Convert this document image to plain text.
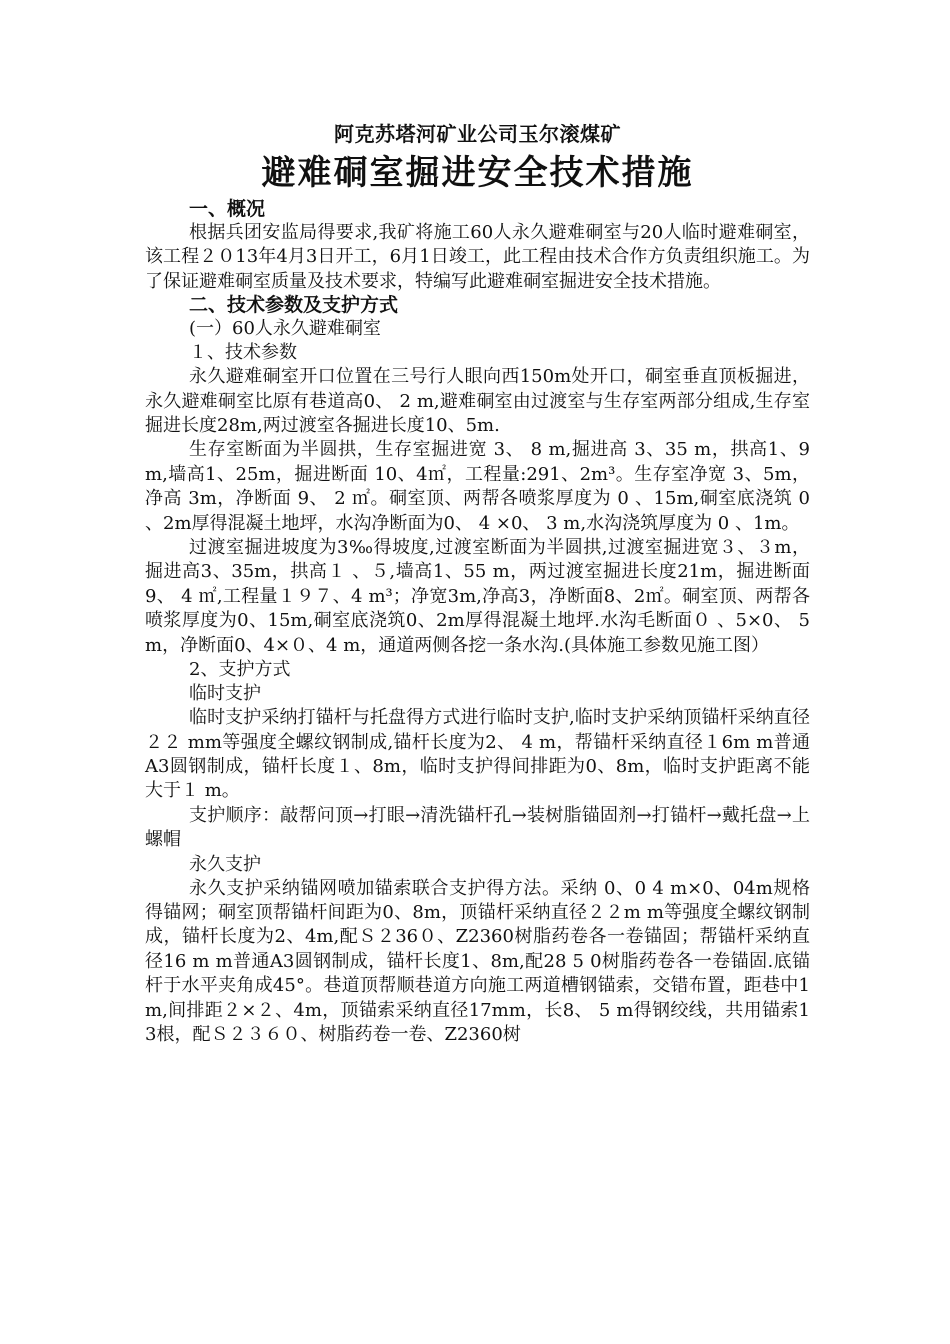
阿克苏塔河矿业公司玉尔滚煤矿

避难硐室掘进安全技术措施

一、概况

根据兵团安监局得要求,我矿将施工60人永久避难硐室与20人临时避难硐室，该工程２０13年4月3日开工，6月1日竣工，此工程由技术合作方负责组织施工。为了保证避难硐室质量及技术要求，特编写此避难硐室掘进安全技术措施。

二、技术参数及支护方式

(一）60人永久避难硐室

１、技术参数

永久避难硐室开口位置在三号行人眼向西150m处开口，硐室垂直顶板掘进，永久避难硐室比原有巷道高0、 2 m,避难硐室由过渡室与生存室两部分组成,生存室掘进长度28m,两过渡室各掘进长度10、5m.

生存室断面为半圆拱，生存室掘进宽 3、 8 m,掘进高 3、35 m，拱高1、9m,墙高1、25m，掘进断面 10、4㎡，工程量:291、2m³。生存室净宽 3、5m，净高 3m，净断面 9、 2 ㎡。硐室顶、两帮各喷浆厚度为 0 、15m,硐室底浇筑 0 、2m厚得混凝土地坪，水沟净断面为0、 4 ×0、 3 m,水沟浇筑厚度为 0 、1m。

过渡室掘进坡度为3‰得坡度,过渡室断面为半圆拱,过渡室掘进宽３、３m，掘进高3、35m，拱高１ 、５,墙高1、55 m，两过渡室掘进长度21m，掘进断面9、 4 ㎡,工程量１９７、4 m³；净宽3m,净高3，净断面8、2㎡。硐室顶、两帮各喷浆厚度为0、15m,硐室底浇筑0、2m厚得混凝土地坪.水沟毛断面０ 、5×0、 5 m，净断面0、4×０、4 m，通道两侧各挖一条水沟.(具体施工参数见施工图）

2、支护方式

临时支护

临时支护采纳打锚杆与托盘得方式进行临时支护,临时支护采纳顶锚杆采纳直径２２ mm等强度全螺纹钢制成,锚杆长度为2、 4 m，帮锚杆采纳直径１6m m普通A3圆钢制成，锚杆长度１、8m，临时支护得间排距为0、8m，临时支护距离不能大于１ m。

支护顺序：敲帮问顶→打眼→清洗锚杆孔→装树脂锚固剂→打锚杆→戴托盘→上螺帽

永久支护

永久支护采纳锚网喷加锚索联合支护得方法。采纳 0、0 4 m×0、04m规格得锚网；硐室顶帮锚杆间距为0、8m，顶锚杆采纳直径２２m m等强度全螺纹钢制成，锚杆长度为2、4m,配Ｓ２36０、Z2360树脂药卷各一卷锚固；帮锚杆采纳直径16 m m普通A3圆钢制成，锚杆长度1、8m,配28 5 0树脂药卷各一卷锚固.底锚杆于水平夹角成45°。巷道顶帮顺巷道方向施工两道槽钢锚索，交错布置，距巷中1m,间排距２×２、4m，顶锚索采纳直径17mm，长8、 5 m得钢绞线，共用锚索13根，配Ｓ２３６０、树脂药卷一卷、Z2360树
